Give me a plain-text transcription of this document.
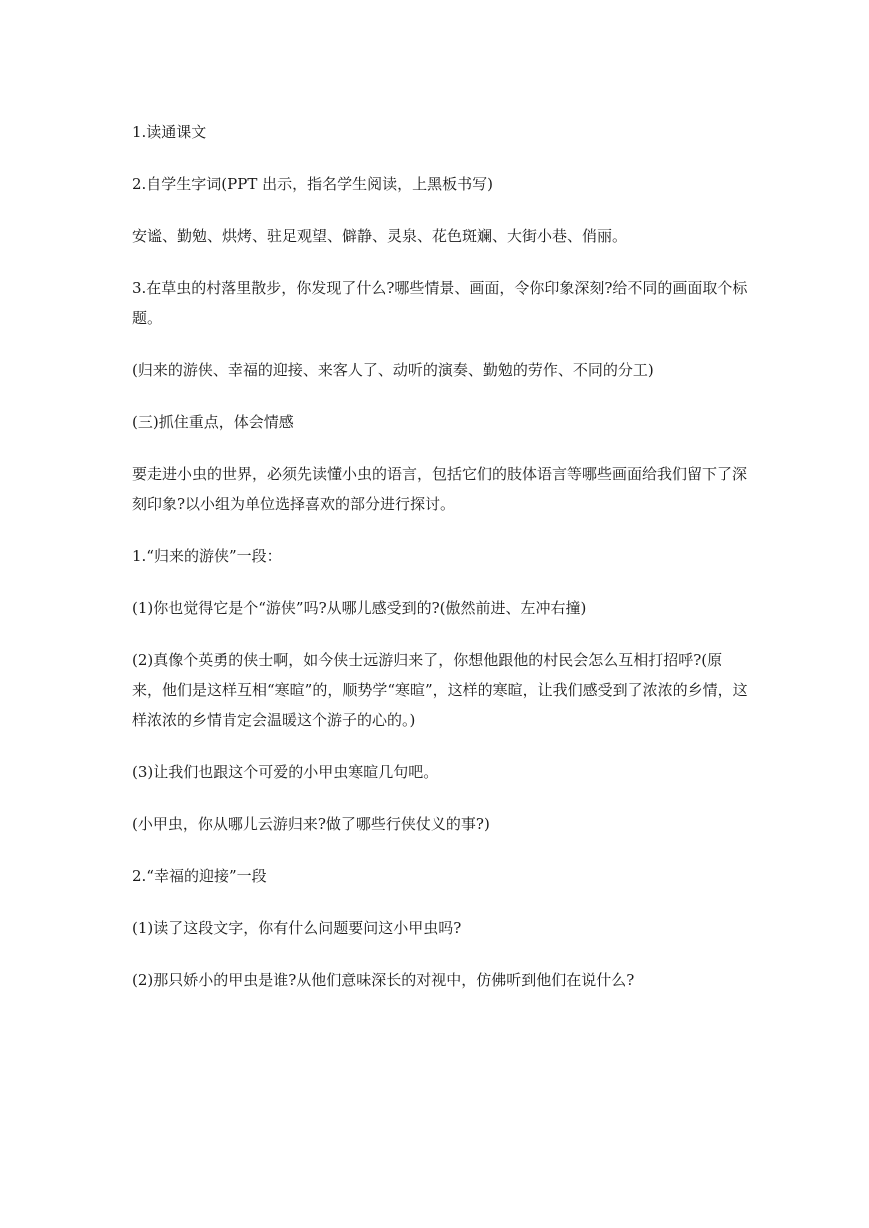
1.读通课文

2.自学生字词(PPT 出示，指名学生阅读，上黑板书写)

安谧、勤勉、烘烤、驻足观望、僻静、灵泉、花色斑斓、大街小巷、俏丽。

3.在草虫的村落里散步，你发现了什么?哪些情景、画面，令你印象深刻?给不同的画面取个标题。

(归来的游侠、幸福的迎接、来客人了、动听的演奏、勤勉的劳作、不同的分工)

(三)抓住重点，体会情感

要走进小虫的世界，必须先读懂小虫的语言，包括它们的肢体语言等哪些画面给我们留下了深刻印象?以小组为单位选择喜欢的部分进行探讨。

1.“归来的游侠”一段：

(1)你也觉得它是个“游侠”吗?从哪儿感受到的?(傲然前进、左冲右撞)

(2)真像个英勇的侠士啊，如今侠士远游归来了，你想他跟他的村民会怎么互相打招呼?(原来，他们是这样互相“寒暄”的，顺势学“寒暄”，这样的寒暄，让我们感受到了浓浓的乡情，这样浓浓的乡情肯定会温暖这个游子的心的。)

(3)让我们也跟这个可爱的小甲虫寒暄几句吧。

(小甲虫，你从哪儿云游归来?做了哪些行侠仗义的事?)

2.“幸福的迎接”一段

(1)读了这段文字，你有什么问题要问这小甲虫吗?

(2)那只娇小的甲虫是谁?从他们意味深长的对视中，仿佛听到他们在说什么?
